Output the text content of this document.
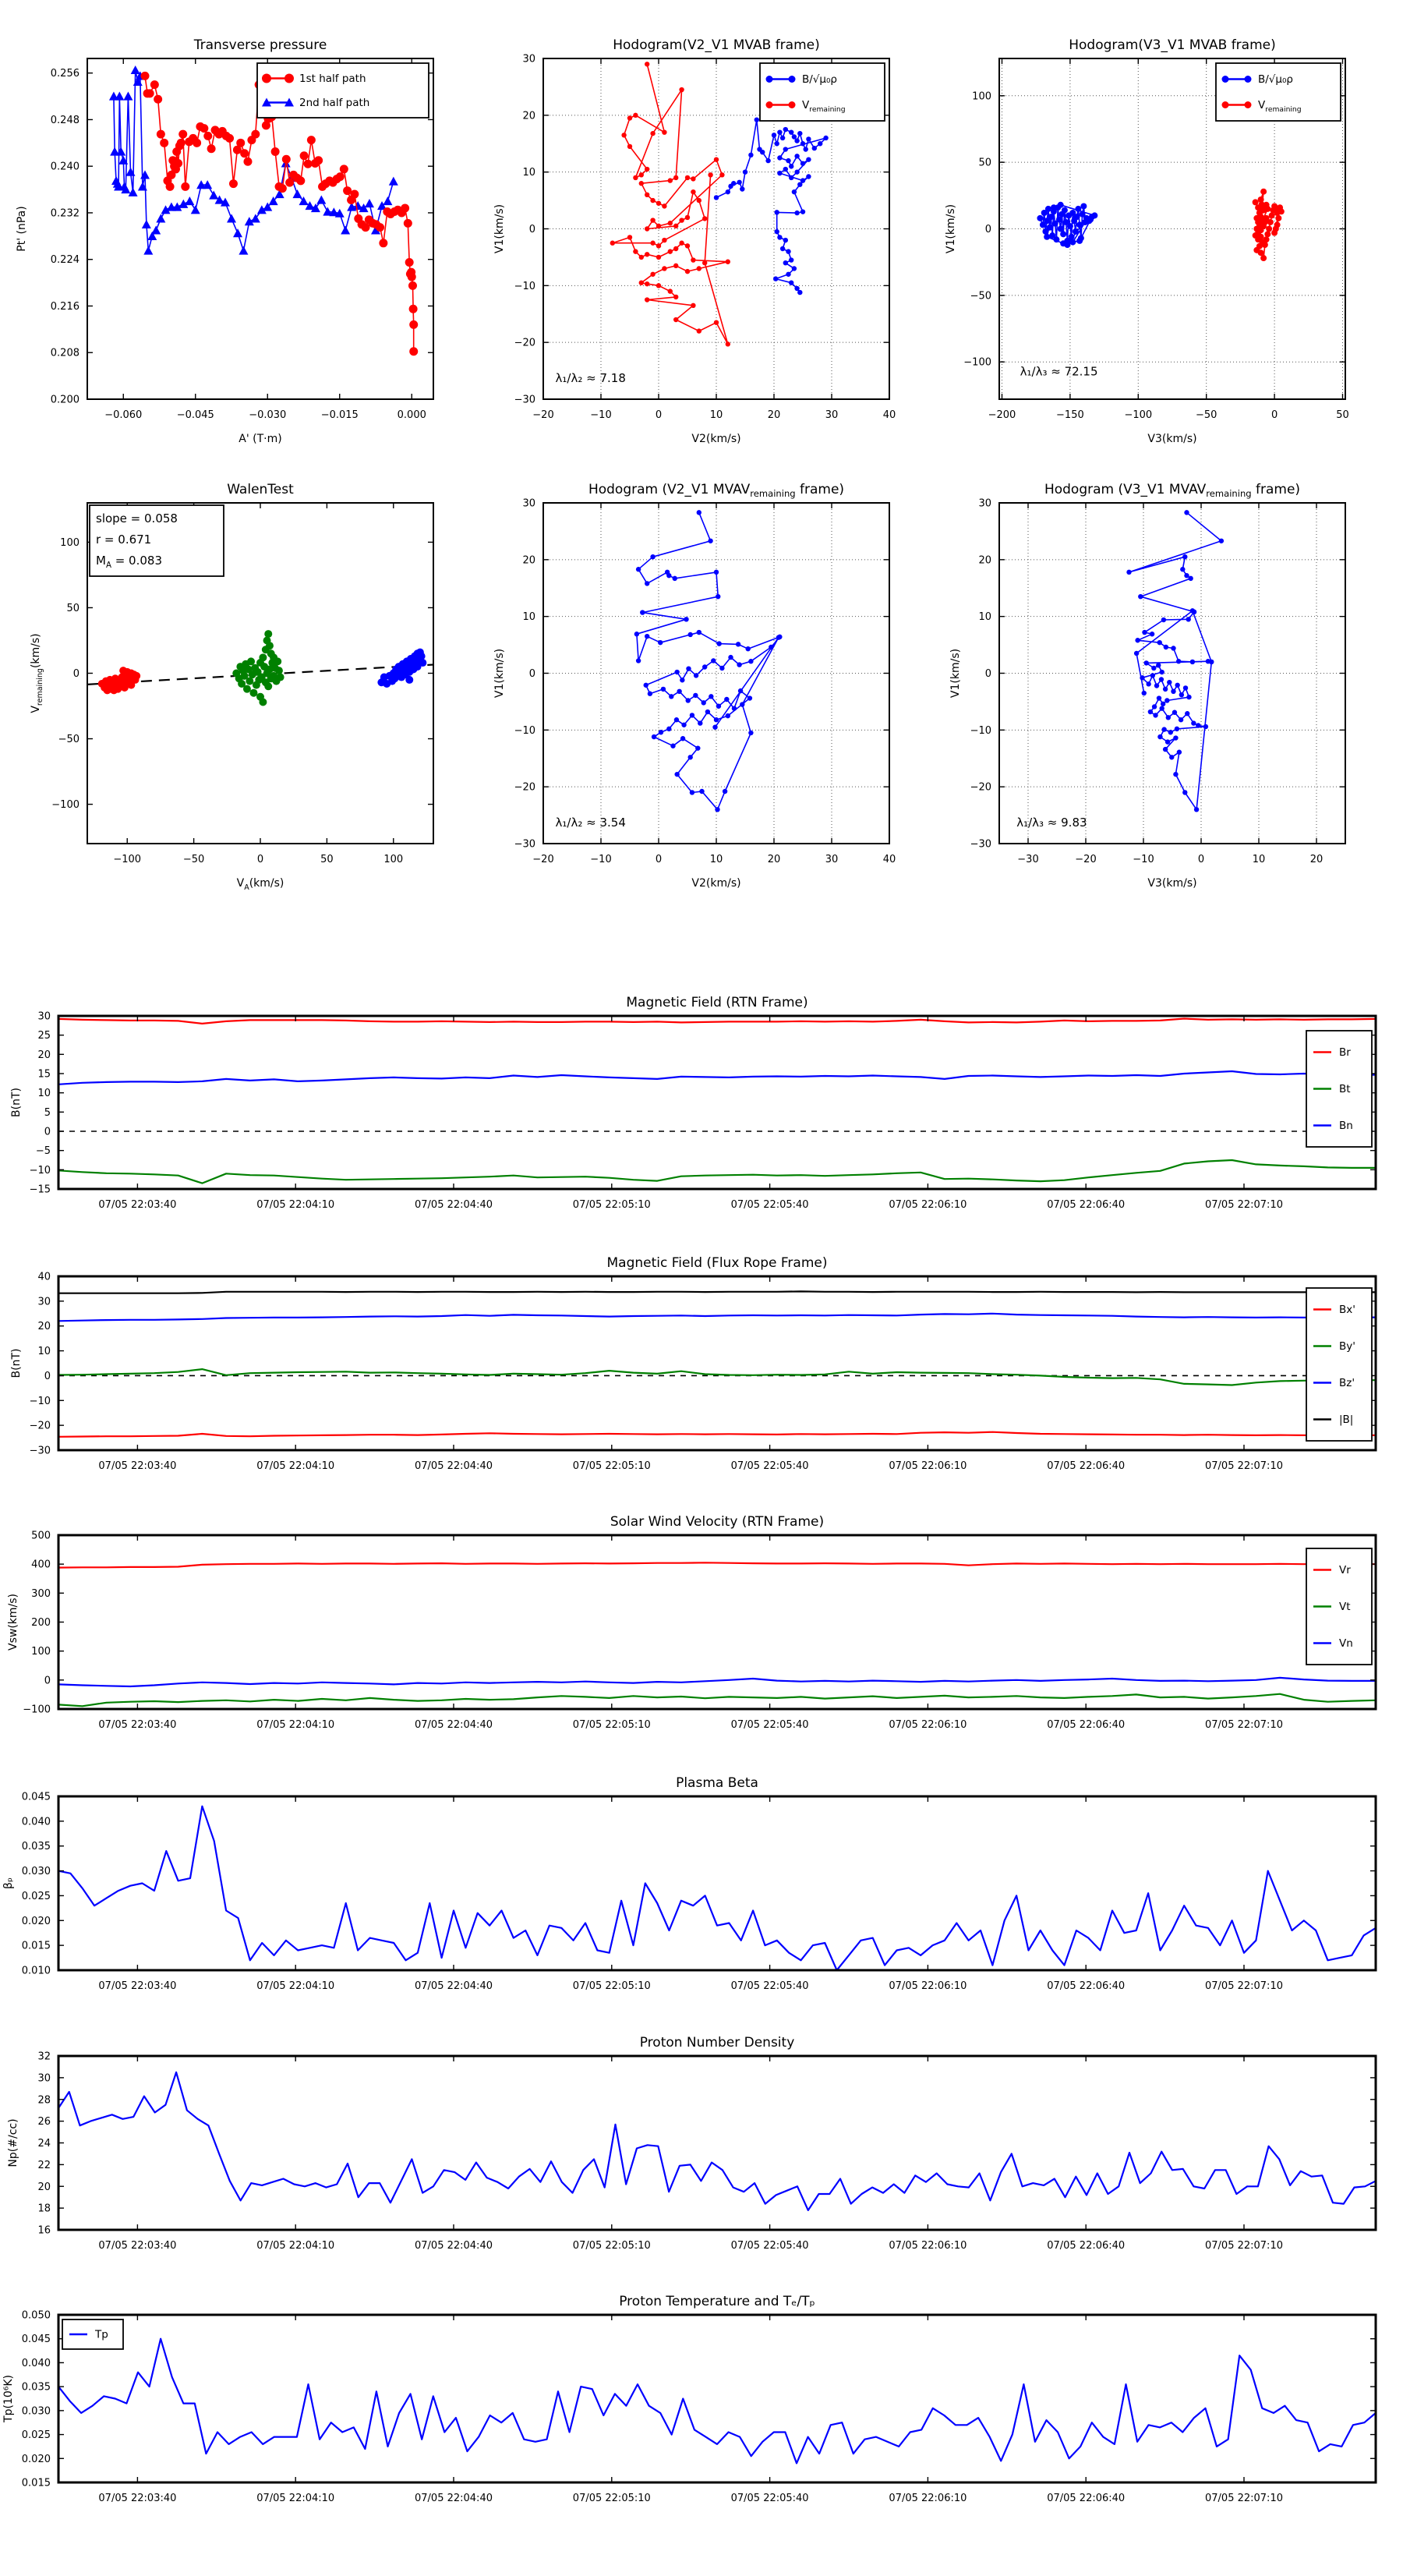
−0.060	−0.045	−0.030	−0.015	0.000
0.200
0.208
0.216
0.224
0.232
0.240
0.248
0.256
A' (T·m)
Pt' (nPa)
Transverse pressure
1st half path
2nd half path
−20	−10	0	10	20	30	40
−30
−20
−10
0
10
20
30
V2(km/s)
V1(km/s)
Hodogram(V2_V1 MVAB frame)
λ₁/λ₂ ≈ 7.18
B/√μ₀ρ
$V_{remaining}$
−200	−150	−100	−50	0	50
−100
−50
0
50
100
V3(km/s)
V1(km/s)
Hodogram(V3_V1 MVAB frame)
λ₁/λ₃ ≈ 72.15
B/√μ₀ρ
$V_{remaining}$
−100	−50	0	50	100
−100
−50
0
50
100
$V_A(km/s)$
$V_{remaining}(km/s)$
WalenTest
slope = 0.058
r = 0.671
$M_A = 0.083$
−20	−10	0	10	20	30	40
−30
−20
−10
0
10
20
30
V2(km/s)
V1(km/s)
Hodogram (V2_V1 $MVAV_{remaining}$ frame)
λ₁/λ₂ ≈ 3.54
−30	−20	−10	0	10	20
−30
−20
−10
0
10
20
30
V3(km/s)
V1(km/s)
Hodogram (V3_V1 $MVAV_{remaining}$ frame)
λ₁/λ₃ ≈ 9.83
07/05 22:03:40	07/05 22:04:10	07/05 22:04:40	07/05 22:05:10	07/05 22:05:40	07/05 22:06:10	07/05 22:06:40	07/05 22:07:10
−15
−10
−5
0
5
10
15
20
25
30
B(nT)
Magnetic Field (RTN Frame)
Br
Bt
Bn
07/05 22:03:40	07/05 22:04:10	07/05 22:04:40	07/05 22:05:10	07/05 22:05:40	07/05 22:06:10	07/05 22:06:40	07/05 22:07:10
−30
−20
−10
0
10
20
30
40
B(nT)
Magnetic Field (Flux Rope Frame)
Bx'
By'
Bz'
|B|
07/05 22:03:40	07/05 22:04:10	07/05 22:04:40	07/05 22:05:10	07/05 22:05:40	07/05 22:06:10	07/05 22:06:40	07/05 22:07:10
−100
0
100
200
300
400
500
Vsw(km/s)
Solar Wind Velocity (RTN Frame)
Vr
Vt
Vn
07/05 22:03:40	07/05 22:04:10	07/05 22:04:40	07/05 22:05:10	07/05 22:05:40	07/05 22:06:10	07/05 22:06:40	07/05 22:07:10
0.010
0.015
0.020
0.025
0.030
0.035
0.040
0.045
βₚ
Plasma Beta
07/05 22:03:40	07/05 22:04:10	07/05 22:04:40	07/05 22:05:10	07/05 22:05:40	07/05 22:06:10	07/05 22:06:40	07/05 22:07:10
16
18
20
22
24
26
28
30
32
Np(#/cc)
Proton Number Density
07/05 22:03:40	07/05 22:04:10	07/05 22:04:40	07/05 22:05:10	07/05 22:05:40	07/05 22:06:10	07/05 22:06:40	07/05 22:07:10
0.015
0.020
0.025
0.030
0.035
0.040
0.045
0.050
Tp(10⁶K)
Proton Temperature and Tₑ/Tₚ
Tp
